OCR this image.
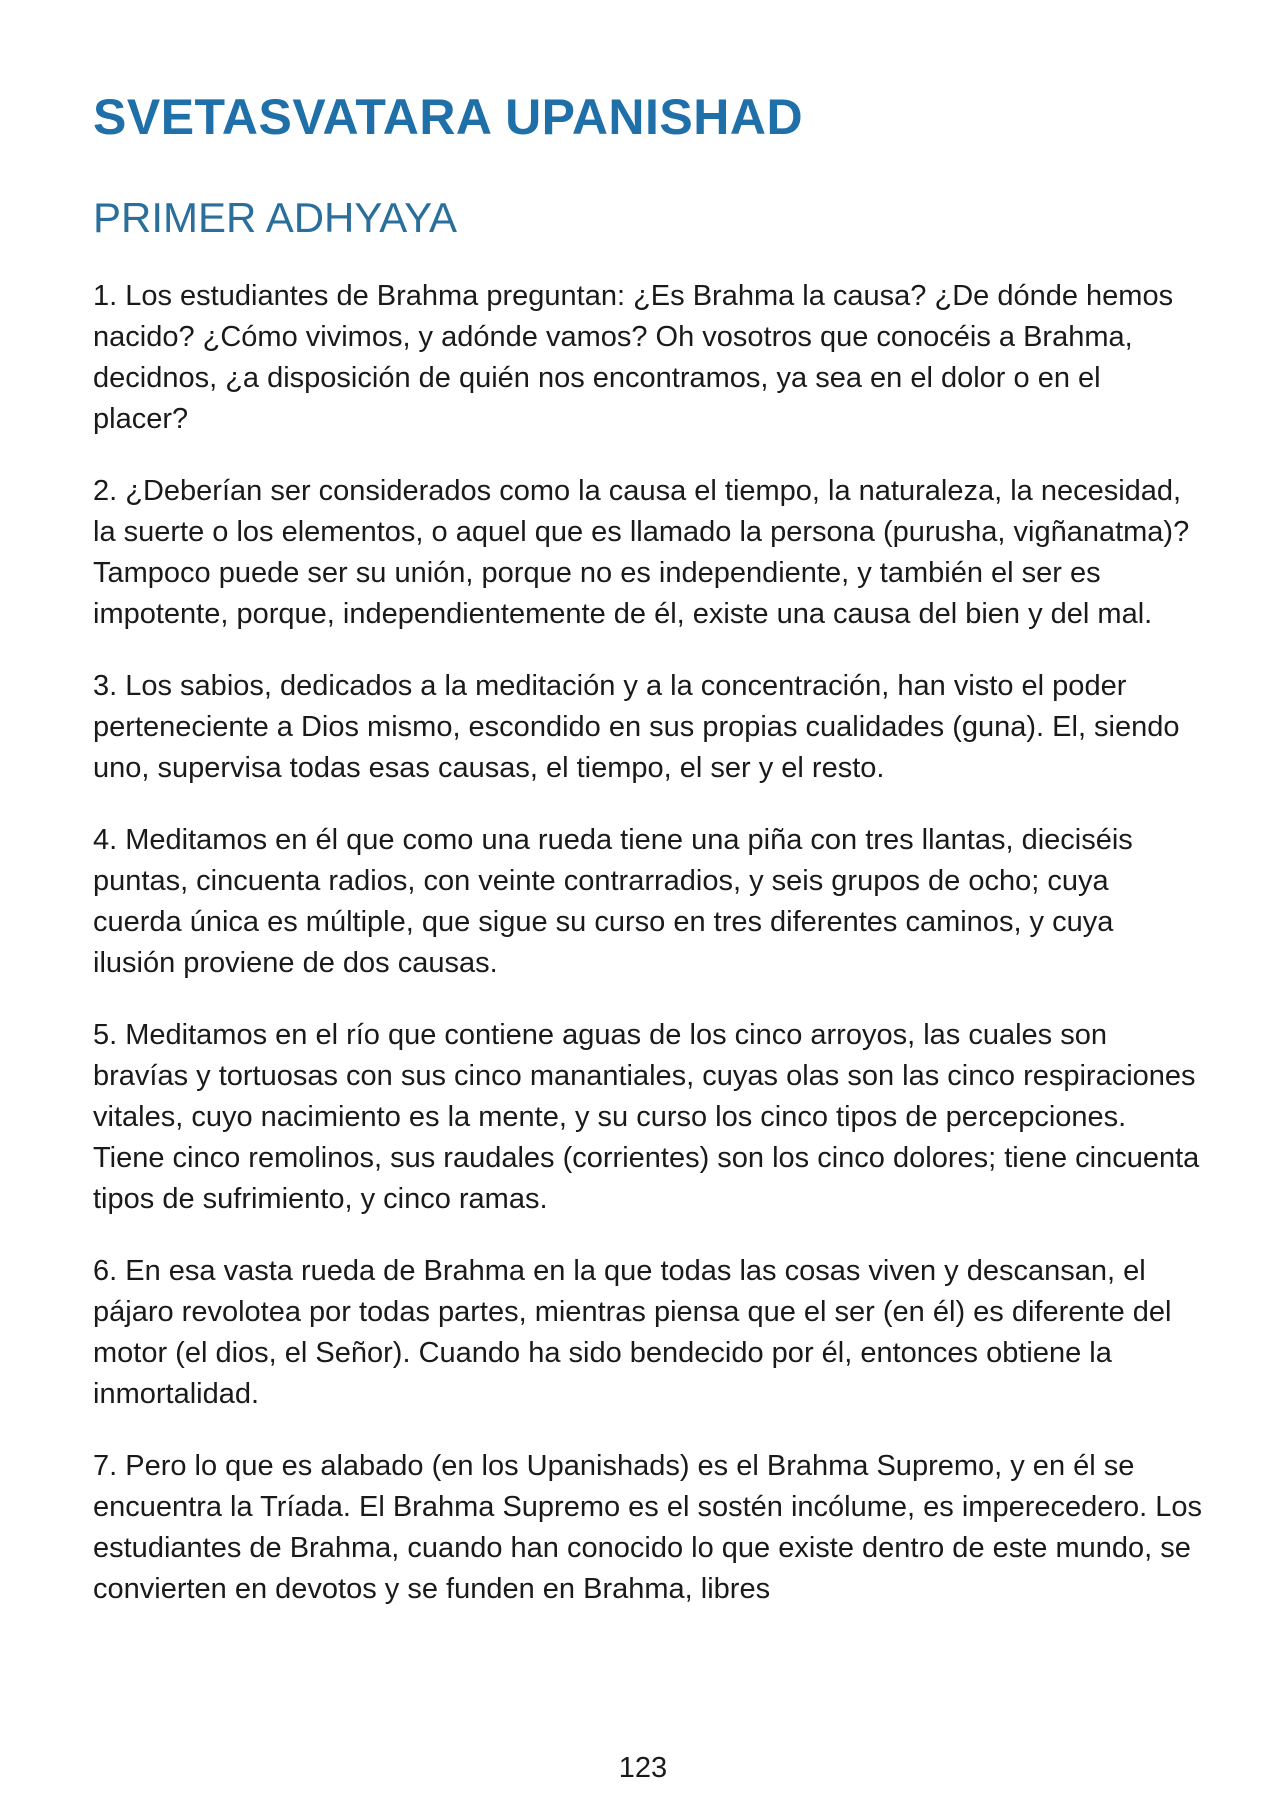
SVETASVATARA UPANISHAD
PRIMER ADHYAYA

1. Los estudiantes de Brahma preguntan: ¿Es Brahma la causa? ¿De dónde hemos nacido? ¿Cómo vivimos, y adónde vamos? Oh vosotros que conocéis a Brahma, decidnos, ¿a disposición de quién nos encontramos, ya sea en el dolor o en el placer?

2. ¿Deberían ser considerados como la causa el tiempo, la naturaleza, la necesidad, la suerte o los elementos, o aquel que es llamado la persona (purusha, vigñanatma)? Tampoco puede ser su unión, porque no es independiente, y también el ser es impotente, porque, independientemente de él, existe una causa del bien y del mal.

3. Los sabios, dedicados a la meditación y a la concentración, han visto el poder perteneciente a Dios mismo, escondido en sus propias cualidades (guna). El, siendo uno, supervisa todas esas causas, el tiempo, el ser y el resto.

4. Meditamos en él que como una rueda tiene una piña con tres llantas, dieciséis puntas, cincuenta radios, con veinte contrarradios, y seis grupos de ocho; cuya cuerda única es múltiple, que sigue su curso en tres diferentes caminos, y cuya ilusión proviene de dos causas.

5. Meditamos en el río que contiene aguas de los cinco arroyos, las cuales son bravías y tortuosas con sus cinco manantiales, cuyas olas son las cinco respiraciones vitales, cuyo nacimiento es la mente, y su curso los cinco tipos de percepciones. Tiene cinco remolinos, sus raudales (corrientes) son los cinco dolores; tiene cincuenta tipos de sufrimiento, y cinco ramas.

6. En esa vasta rueda de Brahma en la que todas las cosas viven y descansan, el pájaro revolotea por todas partes, mientras piensa que el ser (en él) es diferente del motor (el dios, el Señor). Cuando ha sido bendecido por él, entonces obtiene la inmortalidad.

7. Pero lo que es alabado (en los Upanishads) es el Brahma Supremo, y en él se encuentra la Tríada. El Brahma Supremo es el sostén incólume, es imperecedero. Los estudiantes de Brahma, cuando han conocido lo que existe dentro de este mundo, se convierten en devotos y se funden en Brahma, libres

123
